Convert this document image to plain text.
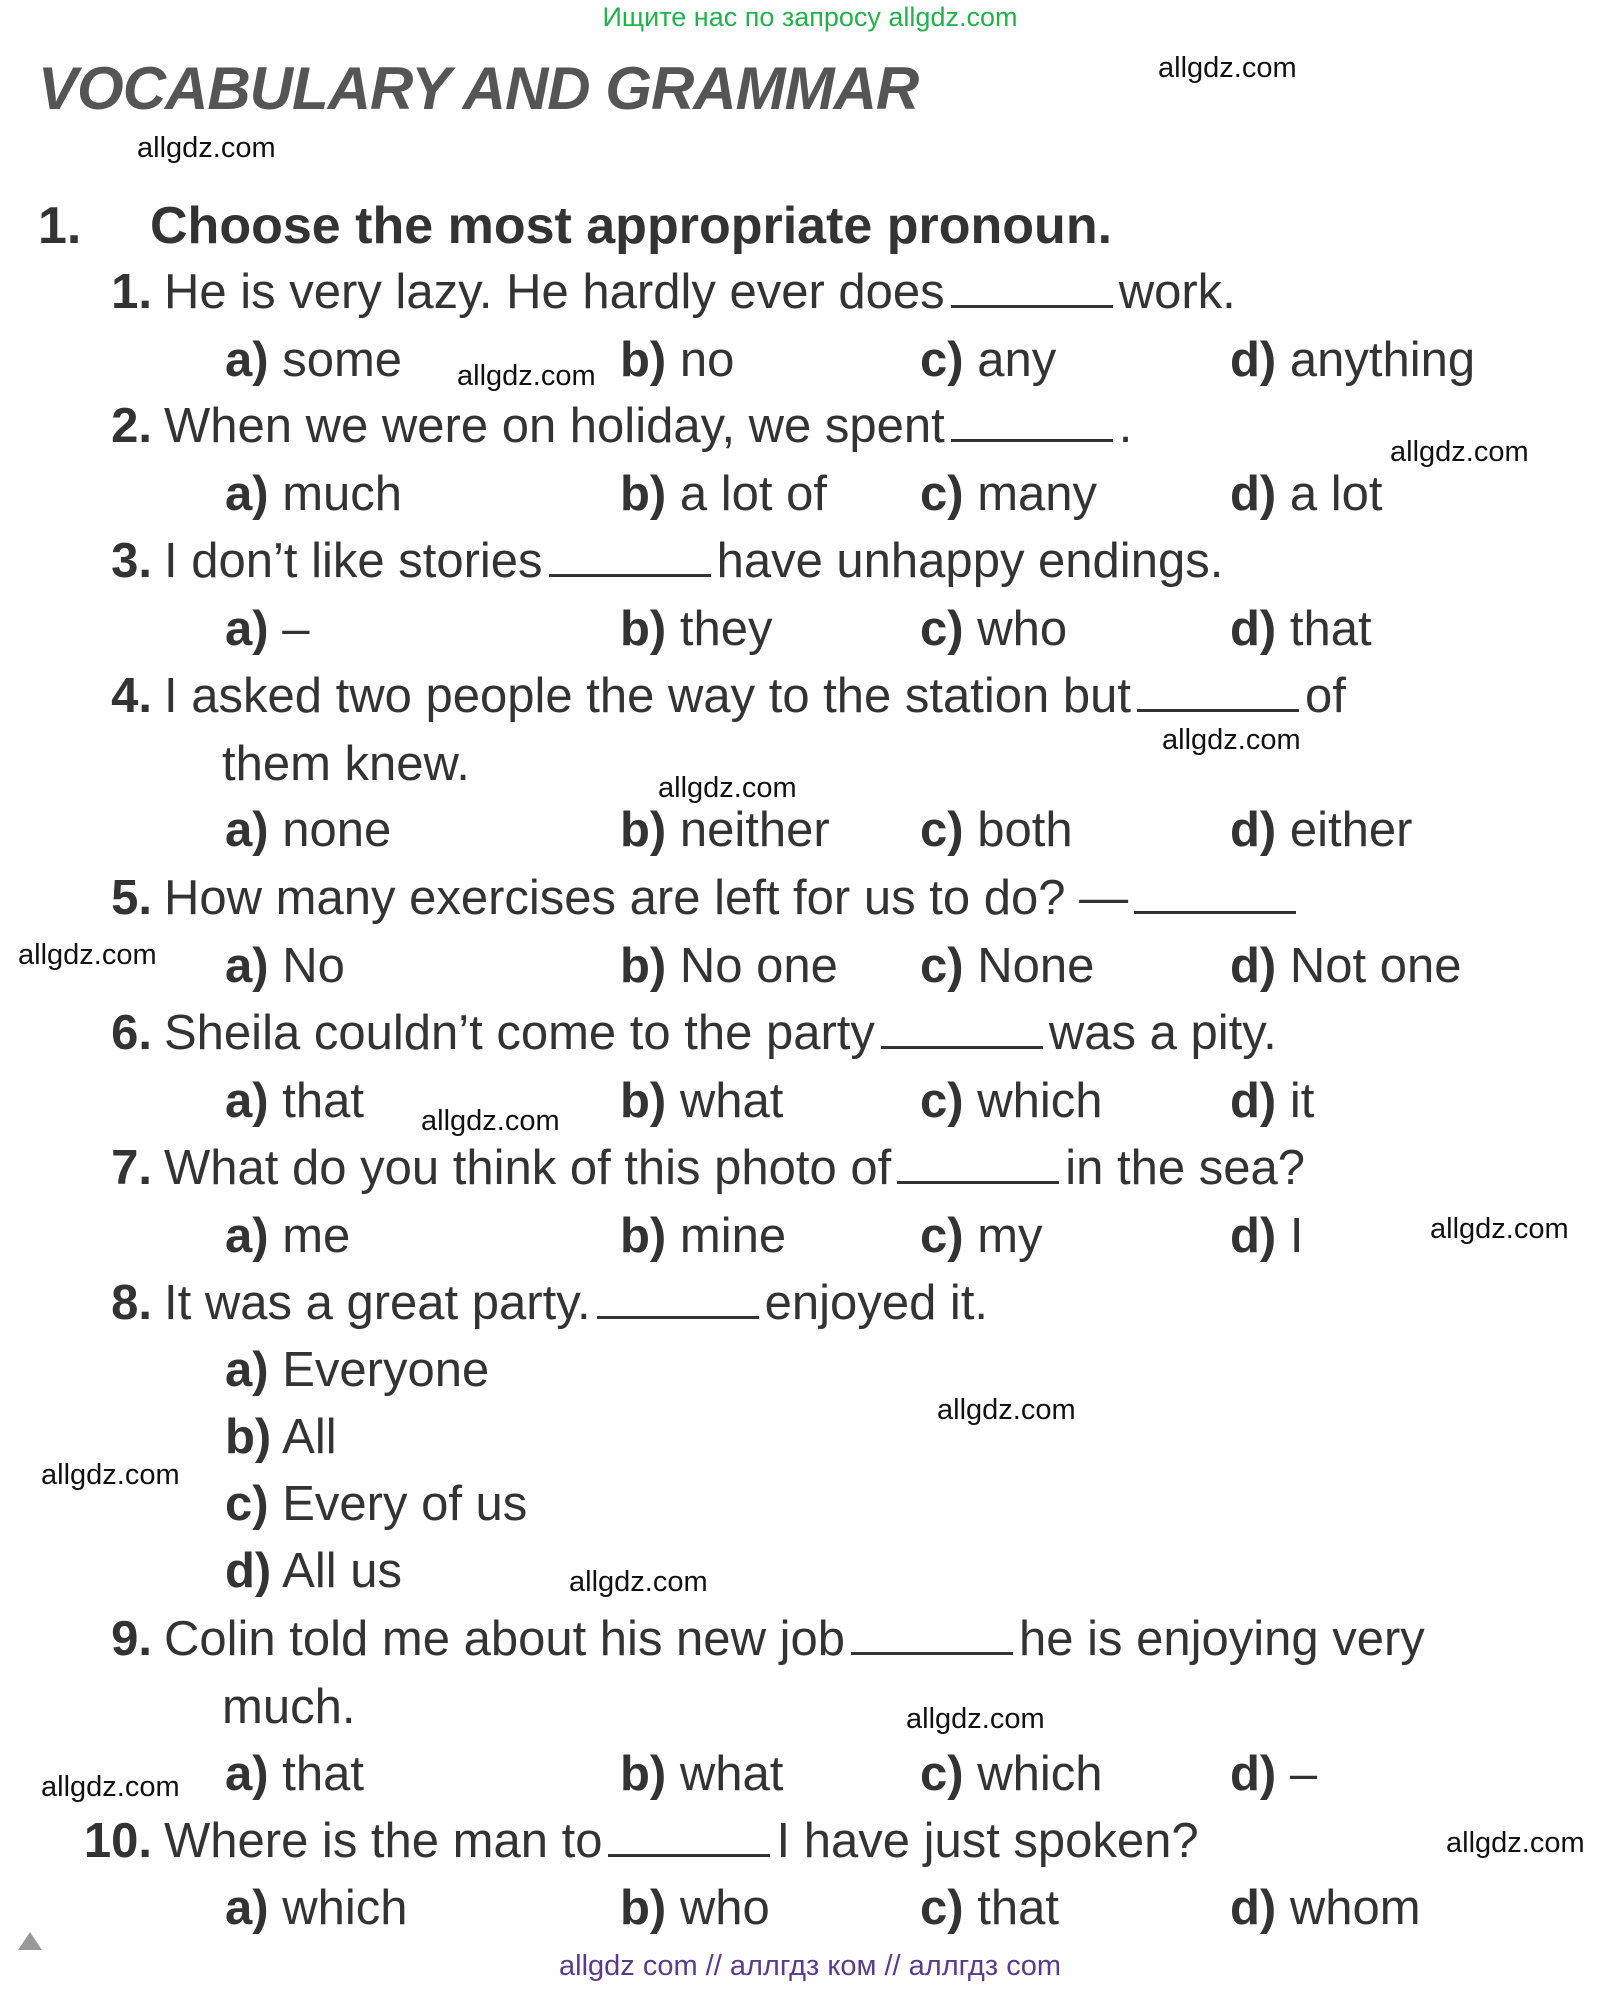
Ищите нас по запросу allgdz.com
VOCABULARY AND GRAMMAR
1. Choose the most appropriate pronoun.
1. He is very lazy. He hardly ever does	work.
a) some	b) no	c) any	d) anything
2. When we were on holiday, we spent	.
a) much	b) a lot of c) many	d) a lot
3. I don’t like stories	have unhappy endings.
a) –	b) they	c) who	d) that
4. I asked two people the way to the station but	of
them knew.
a) none	b) neither c) both	d) either
5. How many exercises are left for us to do? —
a) No	b) No one c) None	d) Not one
6. Sheila couldn’t come to the party	was a pity.
a) that	b) what	c) which	d) it
7. What do you think of this photo of	in the sea?
a) me	b) mine	c) my	d) I
8. It was a great party.	enjoyed it.
a) Everyone
b) All
c) Every of us
d) All us
9. Colin told me about his new job	he is enjoying very
much.
a) that	b) what	c) which	d) –
10. Where is the man to	I have just spoken?
a) which	b) who	c) that	d) whom
allgdz.com
allgdz.com
allgdz.com
allgdz.com
allgdz.com
allgdz.com
allgdz.com
allgdz.com
allgdz.com
allgdz.com
allgdz.com
allgdz.com
allgdz.com
allgdz.com
allgdz.com
allgdz com // аллгдз ком // аллгдз com
